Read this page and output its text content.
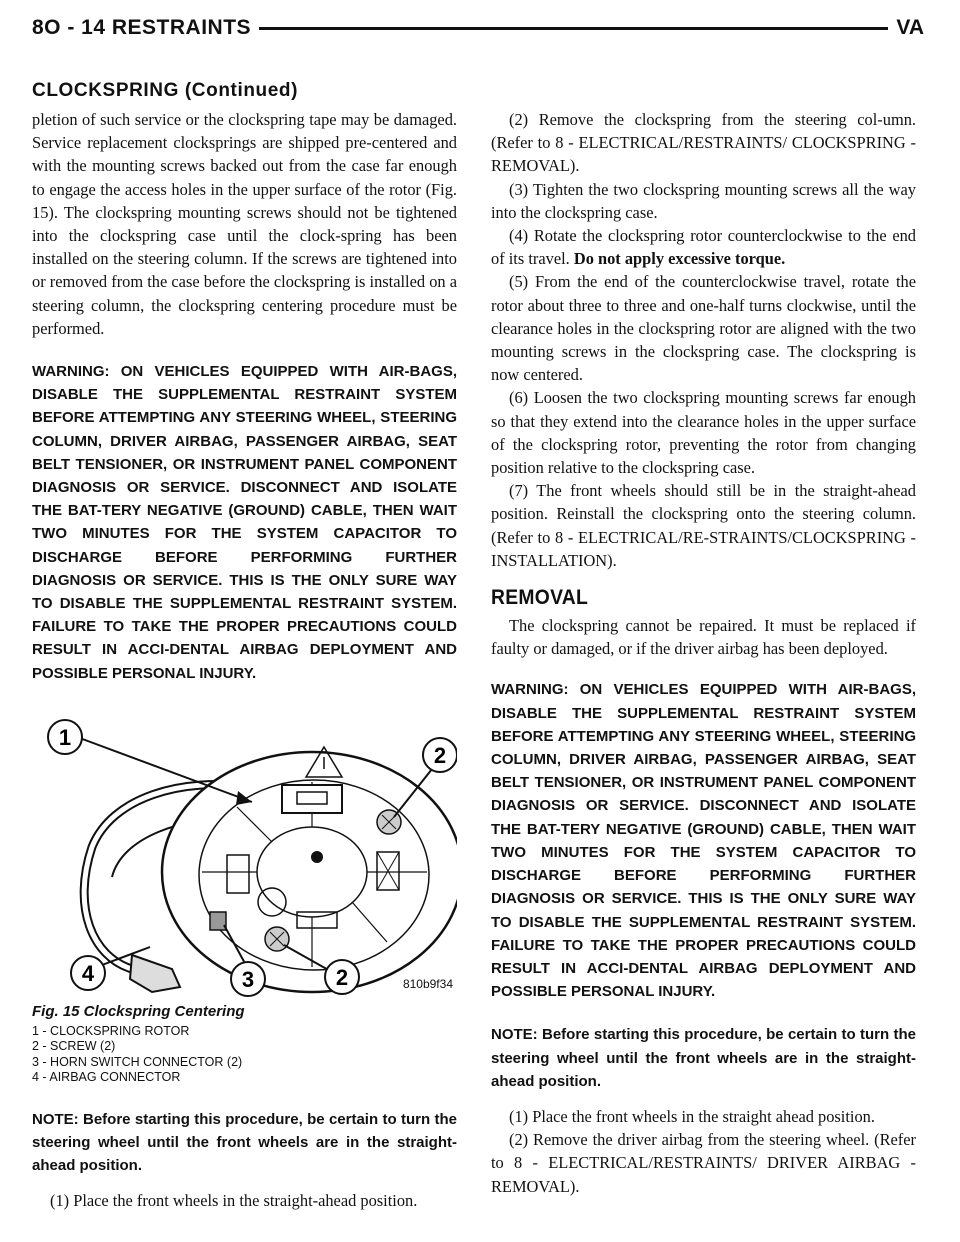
8O - 14 RESTRAINTS	VA
CLOCKSPRING (Continued)

pletion of such service or the clockspring tape may be damaged. Service replacement clocksprings are shipped pre-centered and with the mounting screws backed out from the case far enough to engage the access holes in the upper surface of the rotor (Fig. 15). The clockspring mounting screws should not be tightened into the clockspring case until the clock-spring has been installed on the steering column. If the screws are tightened into or removed from the case before the clockspring is installed on a steering column, the clockspring centering procedure must be performed.

WARNING: ON VEHICLES EQUIPPED WITH AIR-BAGS, DISABLE THE SUPPLEMENTAL RESTRAINT SYSTEM BEFORE ATTEMPTING ANY STEERING WHEEL, STEERING COLUMN, DRIVER AIRBAG, PASSENGER AIRBAG, SEAT BELT TENSIONER, OR INSTRUMENT PANEL COMPONENT DIAGNOSIS OR SERVICE. DISCONNECT AND ISOLATE THE BAT-TERY NEGATIVE (GROUND) CABLE, THEN WAIT TWO MINUTES FOR THE SYSTEM CAPACITOR TO DISCHARGE BEFORE PERFORMING FURTHER DIAGNOSIS OR SERVICE. THIS IS THE ONLY SURE WAY TO DISABLE THE SUPPLEMENTAL RESTRAINT SYSTEM. FAILURE TO TAKE THE PROPER PRECAUTIONS COULD RESULT IN ACCI-DENTAL AIRBAG DEPLOYMENT AND POSSIBLE PERSONAL INJURY.

1
2
2
3
4	810b9f34
Fig. 15 Clockspring Centering
1 - CLOCKSPRING ROTOR
2 - SCREW (2)
3 - HORN SWITCH CONNECTOR (2)
4 - AIRBAG CONNECTOR

NOTE: Before starting this procedure, be certain to turn the steering wheel until the front wheels are in the straight-ahead position.

(1) Place the front wheels in the straight-ahead position.

(2) Remove the clockspring from the steering col-umn. (Refer to 8 - ELECTRICAL/RESTRAINTS/ CLOCKSPRING - REMOVAL).

(3) Tighten the two clockspring mounting screws all the way into the clockspring case.

(4) Rotate the clockspring rotor counterclockwise to the end of its travel. Do not apply excessive torque.

(5) From the end of the counterclockwise travel, rotate the rotor about three to three and one-half turns clockwise, until the clearance holes in the clockspring rotor are aligned with the two mounting screws in the clockspring case. The clockspring is now centered.

(6) Loosen the two clockspring mounting screws far enough so that they extend into the clearance holes in the upper surface of the clockspring rotor, preventing the rotor from changing position relative to the clockspring case.

(7) The front wheels should still be in the straight-ahead position. Reinstall the clockspring onto the steering column. (Refer to 8 - ELECTRICAL/RE-STRAINTS/CLOCKSPRING - INSTALLATION).

REMOVAL

The clockspring cannot be repaired. It must be replaced if faulty or damaged, or if the driver airbag has been deployed.

WARNING: ON VEHICLES EQUIPPED WITH AIR-BAGS, DISABLE THE SUPPLEMENTAL RESTRAINT SYSTEM BEFORE ATTEMPTING ANY STEERING WHEEL, STEERING COLUMN, DRIVER AIRBAG, PASSENGER AIRBAG, SEAT BELT TENSIONER, OR INSTRUMENT PANEL COMPONENT DIAGNOSIS OR SERVICE. DISCONNECT AND ISOLATE THE BAT-TERY NEGATIVE (GROUND) CABLE, THEN WAIT TWO MINUTES FOR THE SYSTEM CAPACITOR TO DISCHARGE BEFORE PERFORMING FURTHER DIAGNOSIS OR SERVICE. THIS IS THE ONLY SURE WAY TO DISABLE THE SUPPLEMENTAL RESTRAINT SYSTEM. FAILURE TO TAKE THE PROPER PRECAUTIONS COULD RESULT IN ACCI-DENTAL AIRBAG DEPLOYMENT AND POSSIBLE PERSONAL INJURY.

NOTE: Before starting this procedure, be certain to turn the steering wheel until the front wheels are in the straight-ahead position.

(1) Place the front wheels in the straight ahead position.

(2) Remove the driver airbag from the steering wheel. (Refer to 8 - ELECTRICAL/RESTRAINTS/ DRIVER AIRBAG - REMOVAL).
